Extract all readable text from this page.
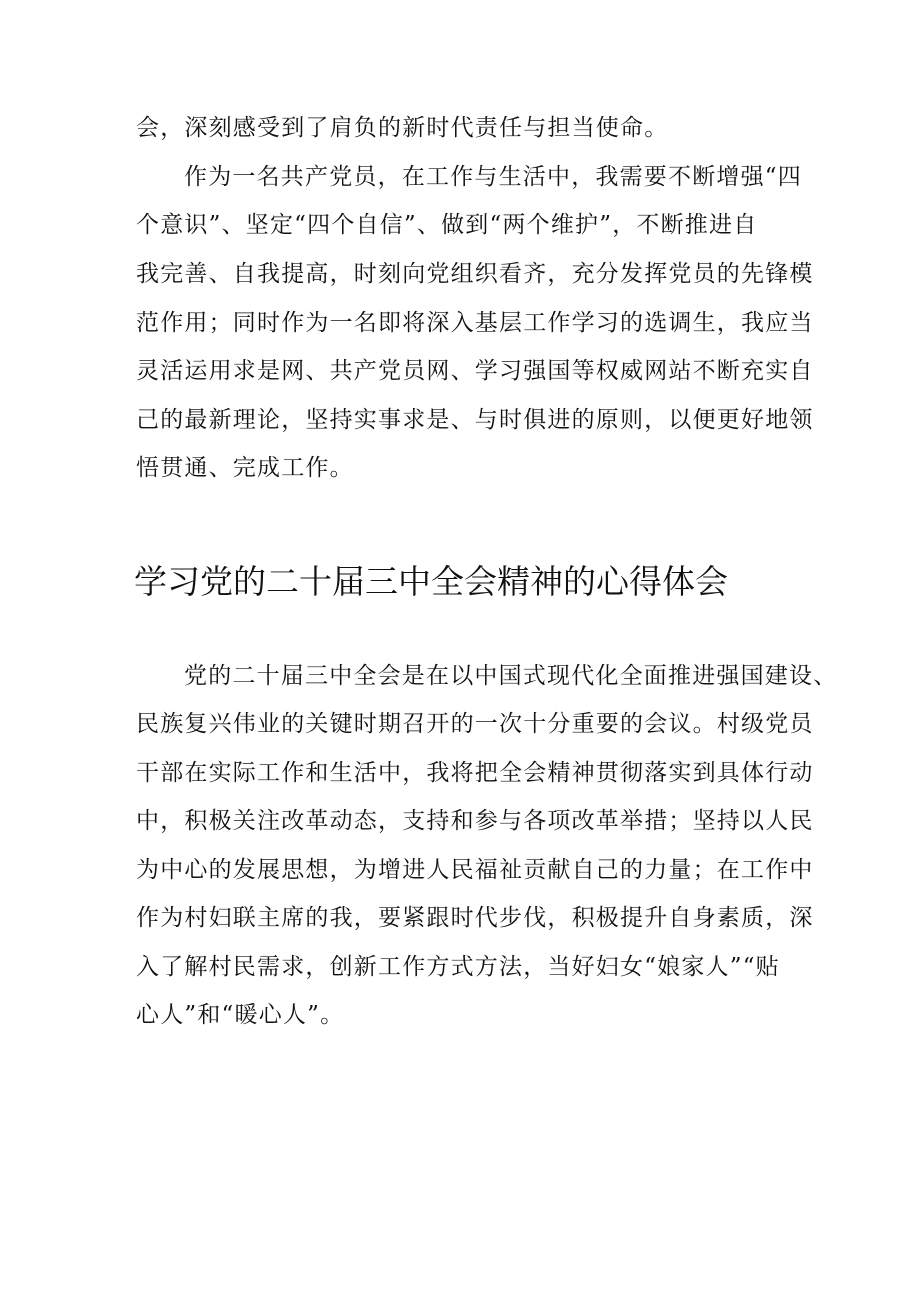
会，深刻感受到了肩负的新时代责任与担当使命。
作为一名共产党员，在工作与生活中，我需要不断增强“四
个意识”、坚定“四个自信”、做到“两个维护”，不断推进自
我完善、自我提高，时刻向党组织看齐，充分发挥党员的先锋模
范作用；同时作为一名即将深入基层工作学习的选调生，我应当
灵活运用求是网、共产党员网、学习强国等权威网站不断充实自
己的最新理论，坚持实事求是、与时俱进的原则，以便更好地领
悟贯通、完成工作。
学习党的二十届三中全会精神的心得体会
党的二十届三中全会是在以中国式现代化全面推进强国建设、
民族复兴伟业的关键时期召开的一次十分重要的会议。村级党员
干部在实际工作和生活中，我将把全会精神贯彻落实到具体行动
中，积极关注改革动态，支持和参与各项改革举措；坚持以人民
为中心的发展思想，为增进人民福祉贡献自己的力量；在工作中
作为村妇联主席的我，要紧跟时代步伐，积极提升自身素质，深
入了解村民需求，创新工作方式方法，当好妇女“娘家人”“贴
心人”和“暖心人”。
